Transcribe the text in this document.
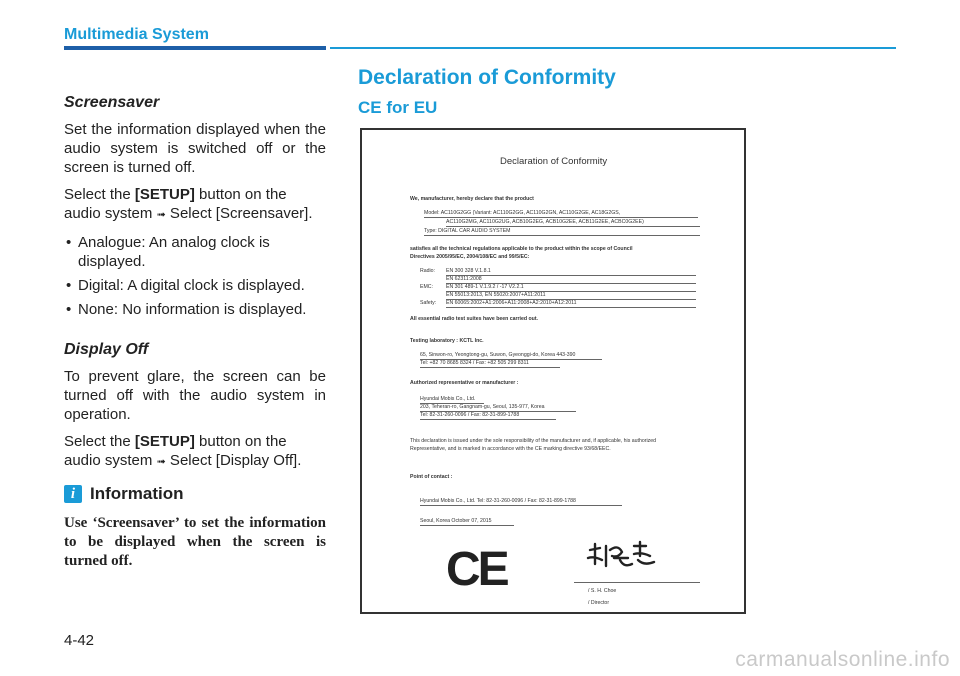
Multimedia System
Screensaver

Set the information displayed when the audio system is switched off or the screen is turned off.

Select the [SETUP] button on the audio system ➟ Select [Screensaver].

• Analogue: An analog clock is displayed.
• Digital: A digital clock is displayed.
• None: No information is displayed.
Display Off

To prevent glare, the screen can be turned off with the audio system in operation.

Select the [SETUP] button on the audio system ➟ Select [Display Off].

i Information

Use ‘Screensaver’ to set the information to be displayed when the screen is turned off.

Declaration of Conformity
CE for EU
Declaration of Conformity
We, manufacturer, hereby declare that the product
Model: AC110G2GG (Variant: AC110G2GG, AC110G2GN, AC110G2GE, AC18G2GS,
AC110G2MG, AC110G2UG, ACB10G2EG, ACB10G2EE, ACB11G2EE, ACBC0G2EE)
Type: DIGITAL CAR AUDIO SYSTEM
satisfies all the technical regulations applicable to the product within the scope of Council
Directives 2005/95/EC, 2004/108/EC and 99/5/EC:
Radio: EN 300 328 V.1.8.1
EN 62311:2008
EMC:	EN 301 489-1 V.1.9.2 / -17 V2.2.1
EN 55013:2013, EN 55020:2007+A11:2011
Safety: EN 60065:2002+A1:2006+A11:2008+A2:2010+A12:2011
All essential radio test suites have been carried out.
Testing laboratory : KCTL Inc.
65, Sinwon-ro, Yeongtong-gu, Suwon, Gyeonggi-do, Korea 443-390
Tel: +82 70 8685 8324 / Fax: +82 505 299 8311
Authorized representative or manufacturer :
Hyundai Mobis Co., Ltd.
203, Teheran-ro, Gangnam-gu, Seoul, 135-977, Korea
Tel: 82-31-260-0096 / Fax: 82-31-899-1788
This declaration is issued under the sole responsibility of the manufacturer and, if applicable, his authorized
Representative, and is marked in accordance with the CE marking directive 93/68/EEC.
Point of contact :
Hyundai Mobis Co., Ltd. Tel: 82-31-260-0096 / Fax: 82-31-899-1788
Seoul, Korea October 07, 2015
CE	/ S. H. Choe
/ Director
4-42
carmanualsonline.info
